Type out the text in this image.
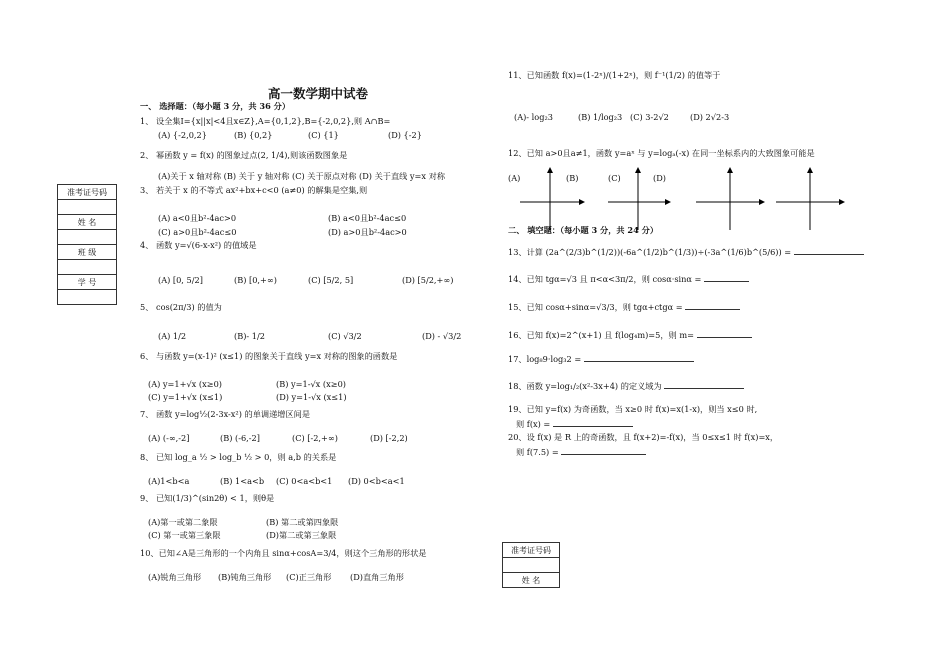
高一数学期中试卷
一、 选择题：（每小题 3 分，共 36 分）
准考证号码

姓 名

班 级

学 号

1、 设全集I={x||x|<4且x∈Z},A={0,1,2},B={-2,0,2},则 A∩B=
(A) {-2,0,2}	(B) {0,2}	(C) {1}	(D) {-2}
2、 幂函数 y = f(x) 的图象过点(2, 1/4),则该函数图象是
(A)关于 x 轴对称 (B) 关于 y 轴对称 (C) 关于原点对称 (D) 关于直线 y=x 对称
3、 若关于 x 的不等式 ax²+bx+c<0 (a≠0) 的解集是空集,则
(A) a<0且b²-4ac>0	(B) a<0且b²-4ac≤0
(C) a>0且b²-4ac≤0	(D) a>0且b²-4ac>0
4、 函数 y=√(6-x-x²) 的值域是
(A) [0, 5/2]	(B) [0,+∞)	(C) [5/2, 5]	(D) [5/2,+∞)
5、 cos(2π/3) 的值为
(A) 1/2	(B)- 1/2	(C) √3/2	(D) - √3/2
6、 与函数 y=(x-1)² (x≤1) 的图象关于直线 y=x 对称的图象的函数是
(A) y=1+√x (x≥0)	(B) y=1-√x (x≥0)
(C) y=1+√x (x≤1)	(D) y=1-√x (x≤1)
7、 函数 y=log½(2-3x-x²) 的单调递增区间是
(A) (-∞,-2]	(B) (-6,-2]	(C) [-2,+∞)	(D) [-2,2)
8、 已知 log_a ½ > log_b ½ > 0，则 a,b 的关系是
(A)1<b<a	(B) 1<a<b (C) 0<a<b<1 (D) 0<b<a<1
9、 已知(1/3)^(sin2θ) < 1，则θ是
(A)第一或第二象限	(B) 第二或第四象限
(C) 第一或第三象限	(D)第二或第三象限
10、已知∠A是三角形的一个内角且 sinα+cosA=3/4，则这个三角形的形状是
(A)锐角三角形 (B)钝角三角形 (C)正三角形 (D)直角三角形
11、已知函数 f(x)=(1-2ˣ)/(1+2ˣ)，则 f⁻¹(1/2) 的值等于
(A)- log₂3	(B) 1/log₂3 (C) 3-2√2	(D) 2√2-3
12、已知 a>0且a≠1，函数 y=aˣ 与 y=logₐ(-x) 在同一坐标系内的大致图象可能是
(A)	(B)	(C)	(D)
二、 填空题：（每小题 3 分，共 24 分）
13、计算 (2a^(2/3)b^(1/2))(-6a^(1/2)b^(1/3))÷(-3a^(1/6)b^(5/6)) =
14、已知 tgα=√3 且 π<α<3π/2，则 cosα·sinα =
15、已知 cosα+sinα=√3/3，则 tgα+ctgα =
16、已知 f(x)=2^(x+1) 且 f(log₄m)=5，则 m=
17、log₈9·log₃2 =
18、函数 y=log₁/₂(x²-3x+4) 的定义域为
19、已知 y=f(x) 为奇函数，当 x≥0 时 f(x)=x(1-x)，则当 x≤0 时,
则 f(x) =
20、设 f(x) 是 R 上的奇函数，且 f(x+2)=-f(x)，当 0≤x≤1 时 f(x)=x，
则 f(7.5) =
准考证号码

姓 名
